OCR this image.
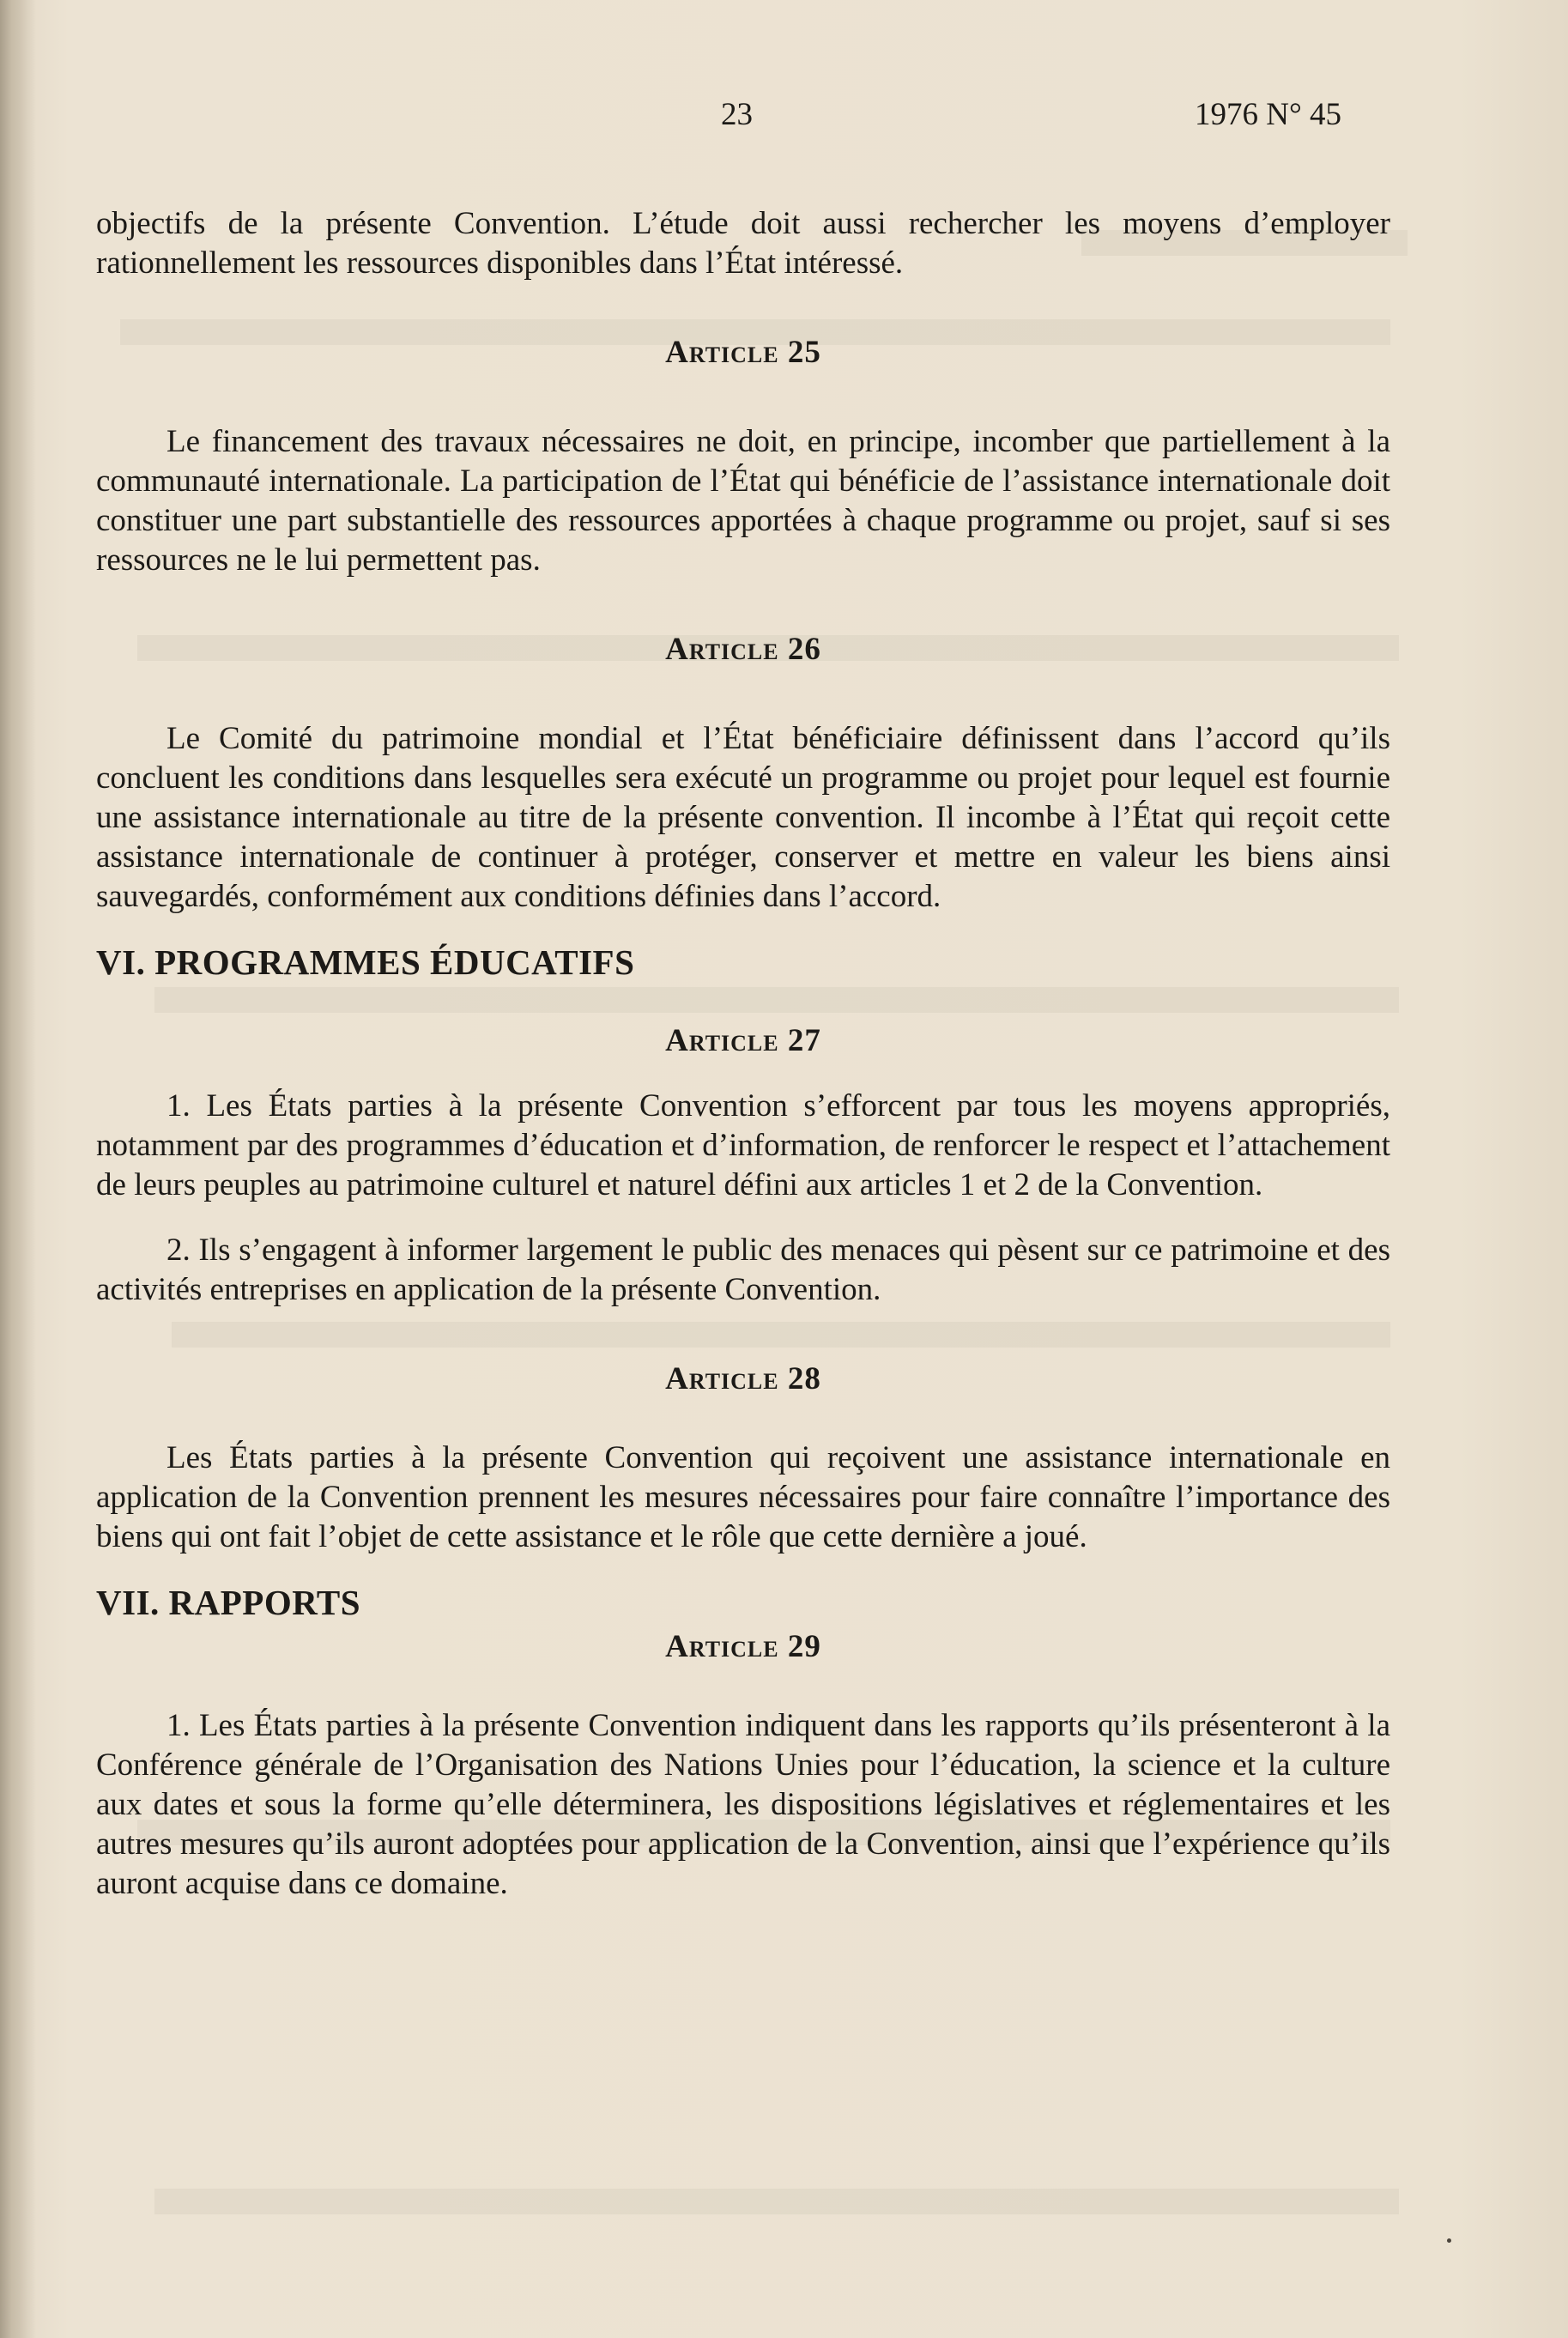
23	1976 N° 45

objectifs de la présente Convention. L’étude doit aussi rechercher les moyens d’employer rationnellement les ressources disponibles dans l’État intéressé.

Article 25

Le financement des travaux nécessaires ne doit, en principe, incomber que partiellement à la communauté internationale. La participation de l’État qui bénéficie de l’assistance internationale doit constituer une part substantielle des ressources apportées à chaque programme ou projet, sauf si ses ressources ne le lui permettent pas.

Article 26

Le Comité du patrimoine mondial et l’État bénéficiaire définissent dans l’accord qu’ils concluent les conditions dans lesquelles sera exécuté un programme ou projet pour lequel est fournie une assistance internationale au titre de la présente convention. Il incombe à l’État qui reçoit cette assistance internationale de continuer à protéger, conserver et mettre en valeur les biens ainsi sauvegardés, conformément aux conditions définies dans l’accord.

VI. PROGRAMMES ÉDUCATIFS
Article 27

1. Les États parties à la présente Convention s’efforcent par tous les moyens appropriés, notamment par des programmes d’éducation et d’information, de renforcer le respect et l’attachement de leurs peuples au patrimoine culturel et naturel défini aux articles 1 et 2 de la Convention.

2. Ils s’engagent à informer largement le public des menaces qui pèsent sur ce patrimoine et des activités entreprises en application de la présente Convention.

Article 28

Les États parties à la présente Convention qui reçoivent une assistance internationale en application de la Convention prennent les mesures nécessaires pour faire connaître l’importance des biens qui ont fait l’objet de cette assistance et le rôle que cette dernière a joué.

VII. RAPPORTS
Article 29

1. Les États parties à la présente Convention indiquent dans les rapports qu’ils présenteront à la Conférence générale de l’Organisation des Nations Unies pour l’éducation, la science et la culture aux dates et sous la forme qu’elle déterminera, les dispositions législatives et réglementaires et les autres mesures qu’ils auront adoptées pour application de la Convention, ainsi que l’expérience qu’ils auront acquise dans ce domaine.
